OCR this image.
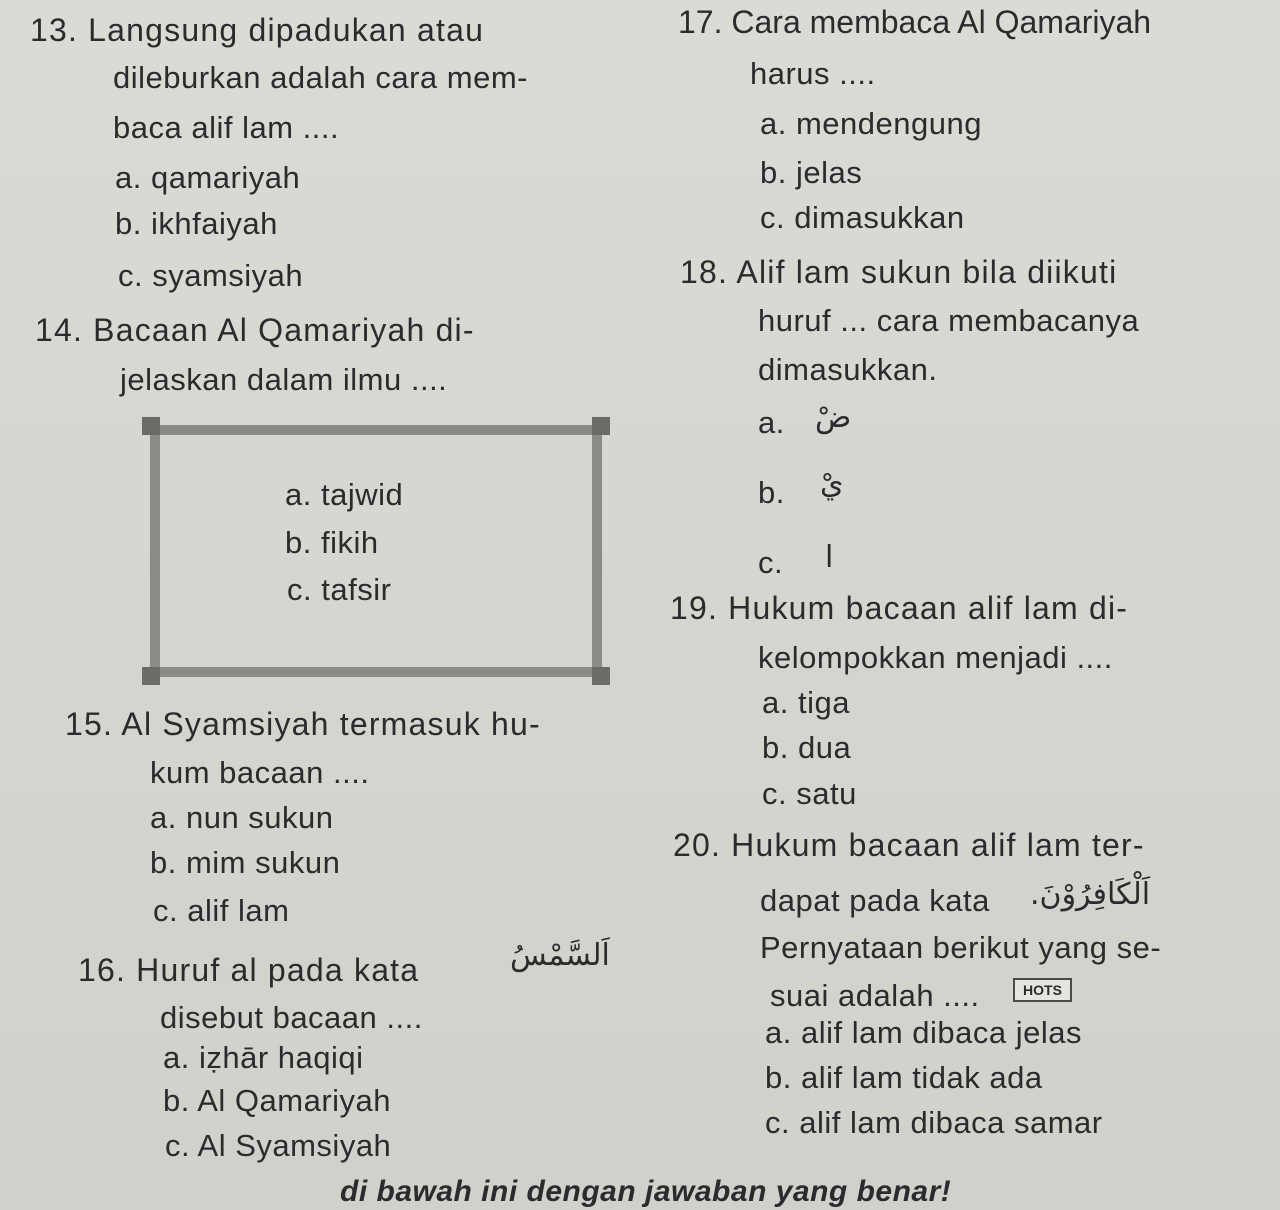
13. Langsung dipadukan atau
dileburkan adalah cara mem-
baca alif lam ....
a. qamariyah
b. ikhfaiyah
c. syamsiyah
14. Bacaan Al Qamariyah di-
jelaskan dalam ilmu ....
a. tajwid
b. fikih
c. tafsir
15. Al Syamsiyah termasuk hu-
kum bacaan ....
a. nun sukun
b. mim sukun
c. alif lam
16. Huruf al pada kata	اَلسَّمْسُ
disebut bacaan ....
a. iẓhār haqiqi
b. Al Qamariyah
c. Al Syamsiyah
17. Cara membaca Al Qamariyah
harus ....
a. mendengung
b. jelas
c. dimasukkan
18. Alif lam sukun bila diikuti
huruf ... cara membacanya
dimasukkan.
a. ضْ
b. يْ
c. ا
19. Hukum bacaan alif lam di-
kelompokkan menjadi ....
a. tiga
b. dua
c. satu
20. Hukum bacaan alif lam ter-
dapat pada kata اَلْكَافِرُوْنَ.
Pernyataan berikut yang se-
suai adalah ....	HOTS
a. alif lam dibaca jelas
b. alif lam tidak ada
c. alif lam dibaca samar
di bawah ini dengan jawaban yang benar!
